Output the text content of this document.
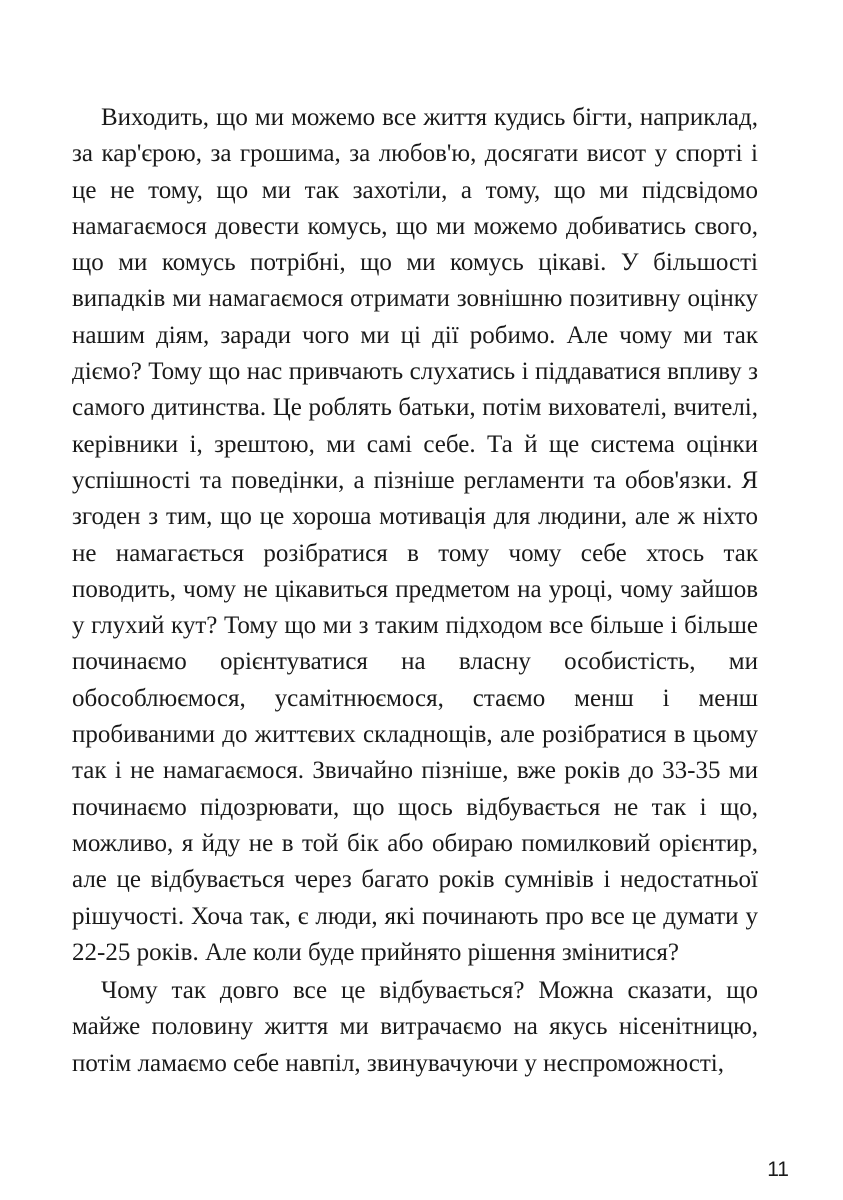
Виходить, що ми можемо все життя кудись бігти, наприклад, за кар'єрою, за грошима, за любов'ю, досягати висот у спорті і це не тому, що ми так захотіли, а тому, що ми підсвідомо намагаємося довести комусь, що ми можемо добиватись свого, що ми комусь потрібні, що ми комусь цікаві. У більшості випадків ми намагаємося отримати зовнішню позитивну оцінку нашим діям, заради чого ми ці дії робимо. Але чому ми так діємо? Тому що нас привчають слухатись і піддаватися впливу з самого дитинства. Це роблять батьки, потім вихователі, вчителі, керівники і, зрештою, ми самі себе. Та й ще система оцінки успішності та поведінки, а пізніше регламенти та обов'язки. Я згоден з тим, що це хороша мотивація для людини, але ж ніхто не намагається розібратися в тому чому себе хтось так поводить, чому не цікавиться предметом на уроці, чому зайшов у глухий кут? Тому що ми з таким підходом все більше і більше починаємо орієнтуватися на власну особистість, ми обособлюємося, усамітнюємося, стаємо менш і менш пробиваними до життєвих складнощів, але розібратися в цьому так і не намагаємося. Звичайно пізніше, вже років до 33-35 ми починаємо підозрювати, що щось відбувається не так і що, можливо, я йду не в той бік або обираю помилковий орієнтир, але це відбувається через багато років сумнівів і недостатньої рішучості. Хоча так, є люди, які починають про все це думати у 22-25 років. Але коли буде прийнято рішення змінитися?

Чому так довго все це відбувається? Можна сказати, що майже половину життя ми витрачаємо на якусь нісенітницю, потім ламаємо себе навпіл, звинувачуючи у неспроможності,

11
